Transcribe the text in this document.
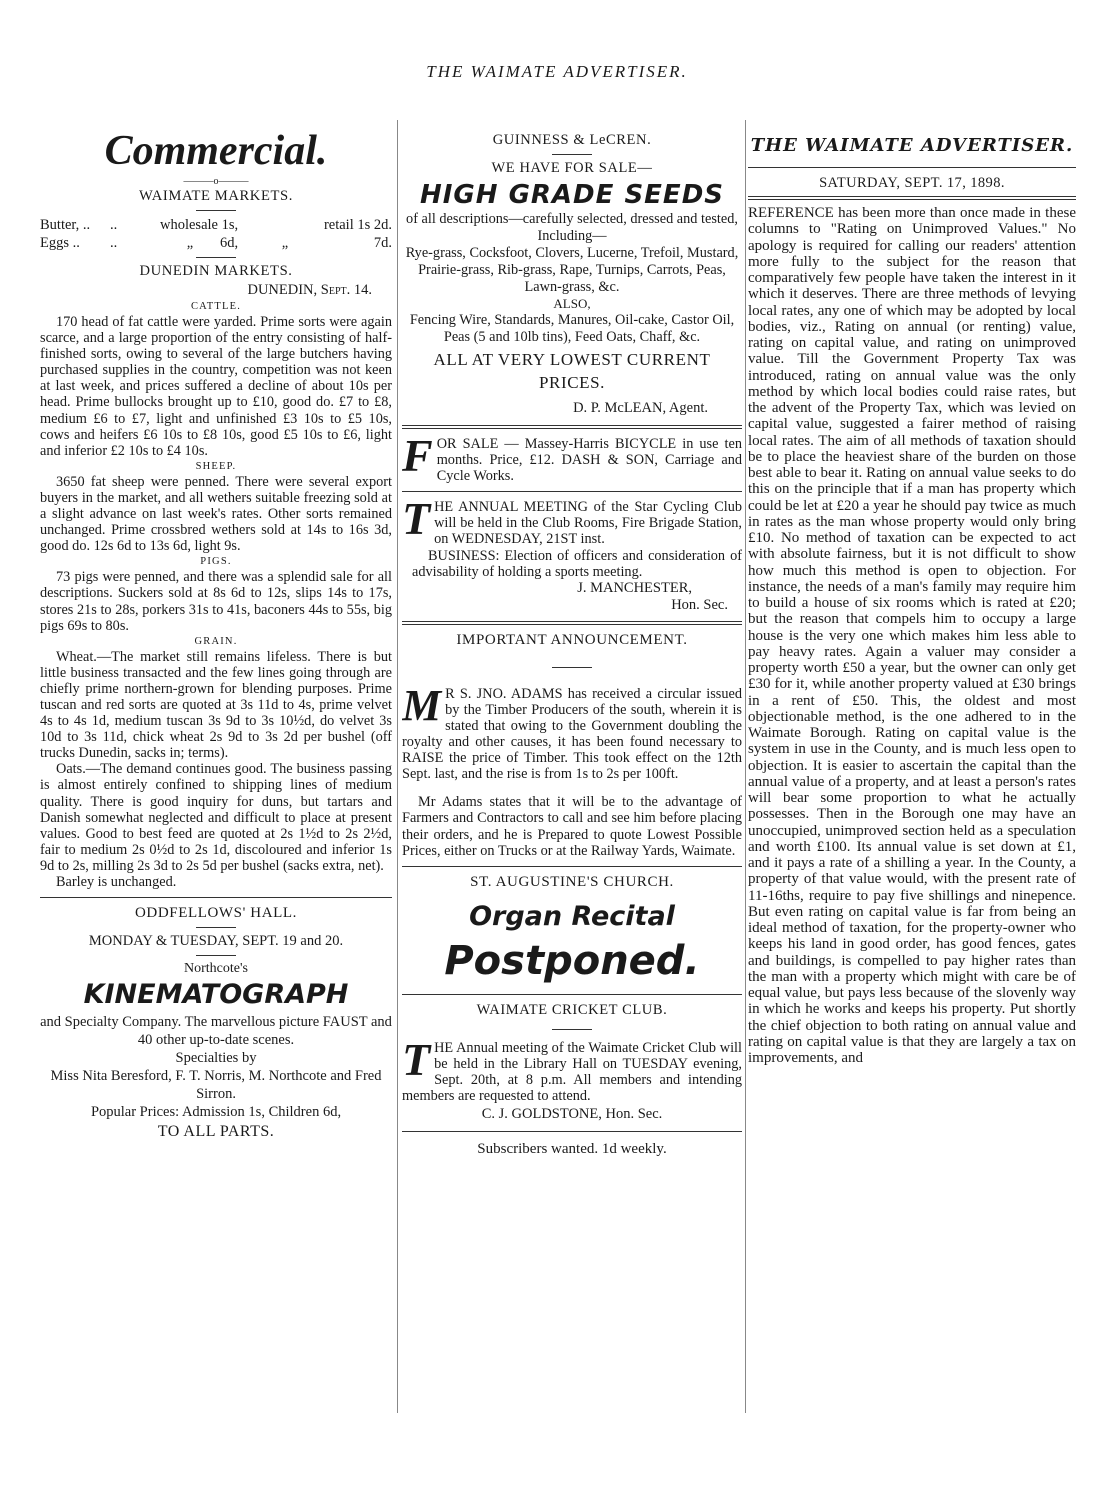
THE WAIMATE ADVERTISER.
Commercial.
———o———
WAIMATE MARKETS.
Butter, ..	..	wholesale 1s,	retail 1s 2d.
Eggs ..	..	„	6d,	„	7d.
DUNEDIN MARKETS.
DUNEDIN, Sept. 14.
CATTLE.

170 head of fat cattle were yarded. Prime sorts were again scarce, and a large proportion of the entry consisting of half-finished sorts, owing to several of the large butchers having purchased supplies in the country, competition was not keen at last week, and prices suffered a decline of about 10s per head. Prime bullocks brought up to £10, good do. £7 to £8, medium £6 to £7, light and unfinished £3 10s to £5 10s, cows and heifers £6 10s to £8 10s, good £5 10s to £6, light and inferior £2 10s to £4 10s.

SHEEP.

3650 fat sheep were penned. There were several export buyers in the market, and all wethers suitable freezing sold at a slight advance on last week's rates. Other sorts remained unchanged. Prime crossbred wethers sold at 14s to 16s 3d, good do. 12s 6d to 13s 6d, light 9s.

PIGS.

73 pigs were penned, and there was a splendid sale for all descriptions. Suckers sold at 8s 6d to 12s, slips 14s to 17s, stores 21s to 28s, porkers 31s to 41s, baconers 44s to 55s, big pigs 69s to 80s.

GRAIN.

Wheat.—The market still remains lifeless. There is but little business transacted and the few lines going through are chiefly prime northern-grown for blending purposes. Prime tuscan and red sorts are quoted at 3s 11d to 4s, prime velvet 4s to 4s 1d, medium tuscan 3s 9d to 3s 10½d, do velvet 3s 10d to 3s 11d, chick wheat 2s 9d to 3s 2d per bushel (off trucks Dunedin, sacks in; terms).

Oats.—The demand continues good. The business passing is almost entirely confined to shipping lines of medium quality. There is good inquiry for duns, but tartars and Danish somewhat neglected and difficult to place at present values. Good to best feed are quoted at 2s 1½d to 2s 2½d, fair to medium 2s 0½d to 2s 1d, discoloured and inferior 1s 9d to 2s, milling 2s 3d to 2s 5d per bushel (sacks extra, net).

Barley is unchanged.

ODDFELLOWS' HALL.
MONDAY & TUESDAY, SEPT. 19 and 20.
Northcote's
KINEMATOGRAPH

and Specialty Company. The marvellous picture FAUST and 40 other up-to-date scenes.

Specialties by

Miss Nita Beresford, F. T. Norris, M. Northcote and Fred Sirron.

Popular Prices: Admission 1s, Children 6d,
TO ALL PARTS.
GUINNESS & LeCREN.
WE HAVE FOR SALE—
HIGH GRADE SEEDS

of all descriptions—carefully selected, dressed and tested, Including—

Rye-grass, Cocksfoot, Clovers, Lucerne, Trefoil, Mustard, Prairie-grass, Rib-grass, Rape, Turnips, Carrots, Peas, Lawn-grass, &c.

ALSO,

Fencing Wire, Standards, Manures, Oil-cake, Castor Oil, Peas (5 and 10lb tins), Feed Oats, Chaff, &c.

ALL AT VERY LOWEST CURRENT PRICES.
D. P. McLEAN, Agent.
F OR SALE — Massey-Harris BICYCLE in use ten months. Price, £12. DASH & SON, Carriage and Cycle Works.

T HE ANNUAL MEETING of the Star Cycling Club will be held in the Club Rooms, Fire Brigade Station, on WEDNESDAY, 21ST inst.

BUSINESS: Election of officers and consideration of advisability of holding a sports meeting.

J. MANCHESTER,
Hon. Sec.
IMPORTANT ANNOUNCEMENT.
M R S. JNO. ADAMS has received a circular issued by the Timber Producers of the south, wherein it is stated that owing to the Government doubling the royalty and other causes, it has been found necessary to RAISE the price of Timber. This took effect on the 12th Sept. last, and the rise is from 1s to 2s per 100ft.

Mr Adams states that it will be to the advantage of Farmers and Contractors to call and see him before placing their orders, and he is Prepared to quote Lowest Possible Prices, either on Trucks or at the Railway Yards, Waimate.

ST. AUGUSTINE'S CHURCH.
Organ Recital
Postponed.
WAIMATE CRICKET CLUB.
T HE Annual meeting of the Waimate Cricket Club will be held in the Library Hall on TUESDAY evening, Sept. 20th, at 8 p.m. All members and intending members are requested to attend.

C. J. GOLDSTONE, Hon. Sec.
Subscribers wanted. 1d weekly.
THE WAIMATE ADVERTISER.
SATURDAY, SEPT. 17, 1898.

REFERENCE has been more than once made in these columns to "Rating on Unimproved Values." No apology is required for calling our readers' attention more fully to the subject for the reason that comparatively few people have taken the interest in it which it deserves. There are three methods of levying local rates, any one of which may be adopted by local bodies, viz., Rating on annual (or renting) value, rating on capital value, and rating on unimproved value. Till the Government Property Tax was introduced, rating on annual value was the only method by which local bodies could raise rates, but the advent of the Property Tax, which was levied on capital value, suggested a fairer method of raising local rates. The aim of all methods of taxation should be to place the heaviest share of the burden on those best able to bear it. Rating on annual value seeks to do this on the principle that if a man has property which could be let at £20 a year he should pay twice as much in rates as the man whose property would only bring £10. No method of taxation can be expected to act with absolute fairness, but it is not difficult to show how much this method is open to objection. For instance, the needs of a man's family may require him to build a house of six rooms which is rated at £20; but the reason that compels him to occupy a large house is the very one which makes him less able to pay heavy rates. Again a valuer may consider a property worth £50 a year, but the owner can only get £30 for it, while another property valued at £30 brings in a rent of £50. This, the oldest and most objectionable method, is the one adhered to in the Waimate Borough. Rating on capital value is the system in use in the County, and is much less open to objection. It is easier to ascertain the capital than the annual value of a property, and at least a person's rates will bear some proportion to what he actually possesses. Then in the Borough one may have an unoccupied, unimproved section held as a speculation and worth £100. Its annual value is set down at £1, and it pays a rate of a shilling a year. In the County, a property of that value would, with the present rate of 11-16ths, require to pay five shillings and ninepence. But even rating on capital value is far from being an ideal method of taxation, for the property-owner who keeps his land in good order, has good fences, gates and buildings, is compelled to pay higher rates than the man with a property which might with care be of equal value, but pays less because of the slovenly way in which he works and keeps his property. Put shortly the chief objection to both rating on annual value and rating on capital value is that they are largely a tax on improvements, and
